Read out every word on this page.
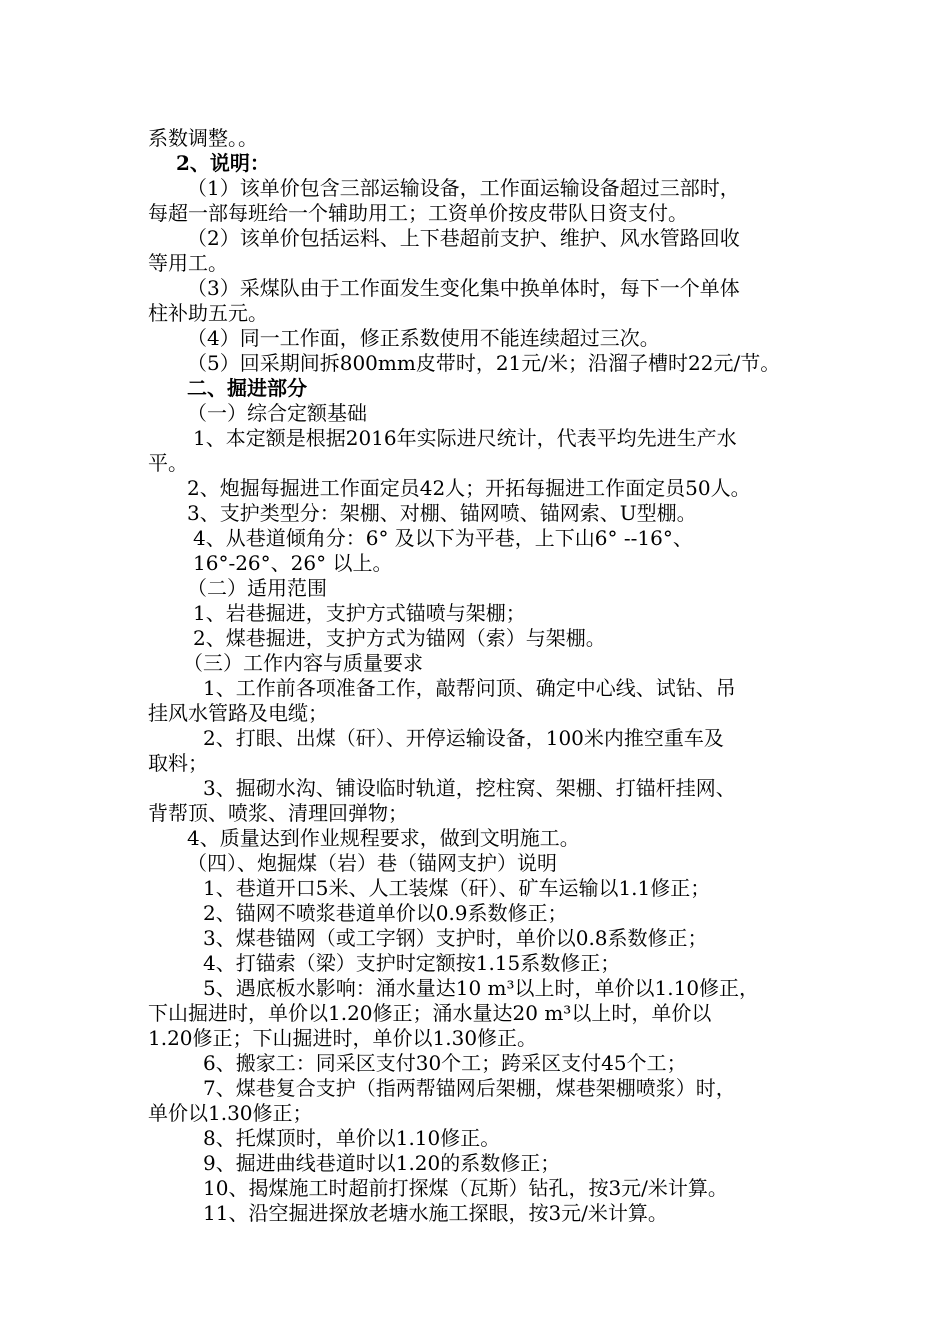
系数调整。。
2、说明：
（1）该单价包含三部运输设备，工作面运输设备超过三部时，
每超一部每班给一个辅助用工；工资单价按皮带队日资支付。
（2）该单价包括运料、上下巷超前支护、维护、风水管路回收
等用工。
（3）采煤队由于工作面发生变化集中换单体时，每下一个单体
柱补助五元。
（4）同一工作面，修正系数使用不能连续超过三次。
（5）回采期间拆800mm皮带时，21元/米；沿溜子槽时22元/节。
二、掘进部分
（一）综合定额基础
1、本定额是根据2016年实际进尺统计，代表平均先进生产水
平。
2、炮掘每掘进工作面定员42人；开拓每掘进工作面定员50人。
3、支护类型分：架棚、对棚、锚网喷、锚网索、U型棚。
4、从巷道倾角分：6° 及以下为平巷，上下山6° --16°、
16°-26°、26° 以上。
（二）适用范围
1、岩巷掘进，支护方式锚喷与架棚；
2、煤巷掘进，支护方式为锚网（索）与架棚。
（三）工作内容与质量要求
1、工作前各项准备工作，敲帮问顶、确定中心线、试钻、吊
挂风水管路及电缆；
2、打眼、出煤（矸）、开停运输设备，100米内推空重车及
取料；
3、掘砌水沟、铺设临时轨道，挖柱窝、架棚、打锚杆挂网、
背帮顶、喷浆、清理回弹物；
4、质量达到作业规程要求，做到文明施工。
（四）、炮掘煤（岩）巷（锚网支护）说明
1、巷道开口5米、人工装煤（矸）、矿车运输以1.1修正；
2、锚网不喷浆巷道单价以0.9系数修正；
3、煤巷锚网（或工字钢）支护时，单价以0.8系数修正；
4、打锚索（梁）支护时定额按1.15系数修正；
5、遇底板水影响：涌水量达10 m³以上时，单价以1.10修正，
下山掘进时，单价以1.20修正；涌水量达20 m³以上时，单价以
1.20修正；下山掘进时，单价以1.30修正。
6、搬家工：同采区支付30个工；跨采区支付45个工；
7、煤巷复合支护（指两帮锚网后架棚，煤巷架棚喷浆）时，
单价以1.30修正；
8、托煤顶时，单价以1.10修正。
9、掘进曲线巷道时以1.20的系数修正；
10、揭煤施工时超前打探煤（瓦斯）钻孔，按3元/米计算。
11、沿空掘进探放老塘水施工探眼，按3元/米计算。
